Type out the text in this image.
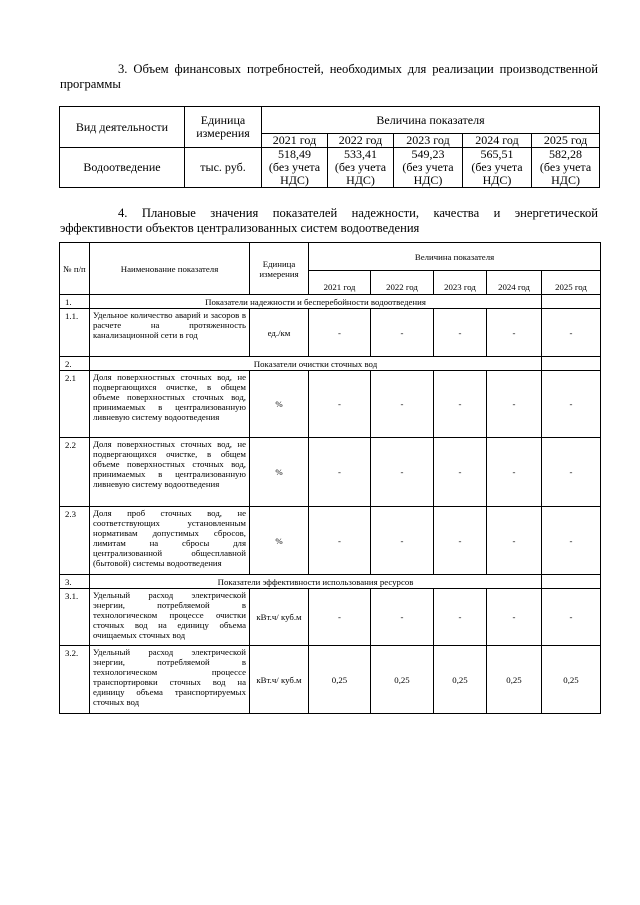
3. Объем финансовых потребностей, необходимых для реализации производственной
программы
Вид деятельности	Единица измерения	Величина показателя				
		2021 год	2022 год	2023 год	2024 год	2025 год
Водоотведение	тыс. руб.	518,49
(без учета
НДС)	533,41
(без учета
НДС)	549,23
(без учета
НДС)	565,51
(без учета
НДС)	582,28
(без учета
НДС)
4. Плановые значения показателей надежности, качества и энергетической
эффективности объектов централизованных систем водоотведения
№ п/п	Наименование показателя	Единица измерения	Величина показателя				
			2021 год	2022 год	2023 год	2024 год	2025 год
1.	Показатели надежности и бесперебойности водоотведения						
1.1.	Удельное количество аварий и засоров в расчете на протяженность канализационной сети в год	ед./км	-	-	-	-	-
2.	Показатели очистки сточных вод						
2.1	Доля поверхностных сточных вод, не подвергающихся очистке, в общем объеме поверхностных сточных вод, принимаемых в централизованную ливневую систему водоотведения	%	-	-	-	-	-
2.2	Доля поверхностных сточных вод, не подвергающихся очистке, в общем объеме поверхностных сточных вод, принимаемых в централизованную ливневую систему водоотведения	%	-	-	-	-	-
2.3	Доля проб сточных вод, не соответствующих установленным нормативам допустимых сбросов, лимитам на сбросы для централизованной общесплавной (бытовой) системы водоотведения	%	-	-	-	-	-
3.	Показатели эффективности использования ресурсов						
3.1.	Удельный расход электрической энергии, потребляемой в технологическом процессе очистки сточных вод на единицу объема очищаемых сточных вод	кВт.ч/ куб.м	-	-	-	-	-
3.2.	Удельный расход электрической энергии, потребляемой в технологическом процессе транспортировки сточных вод на единицу объема транспортируемых сточных вод	кВт.ч/ куб.м	0,25	0,25	0,25	0,25	0,25
